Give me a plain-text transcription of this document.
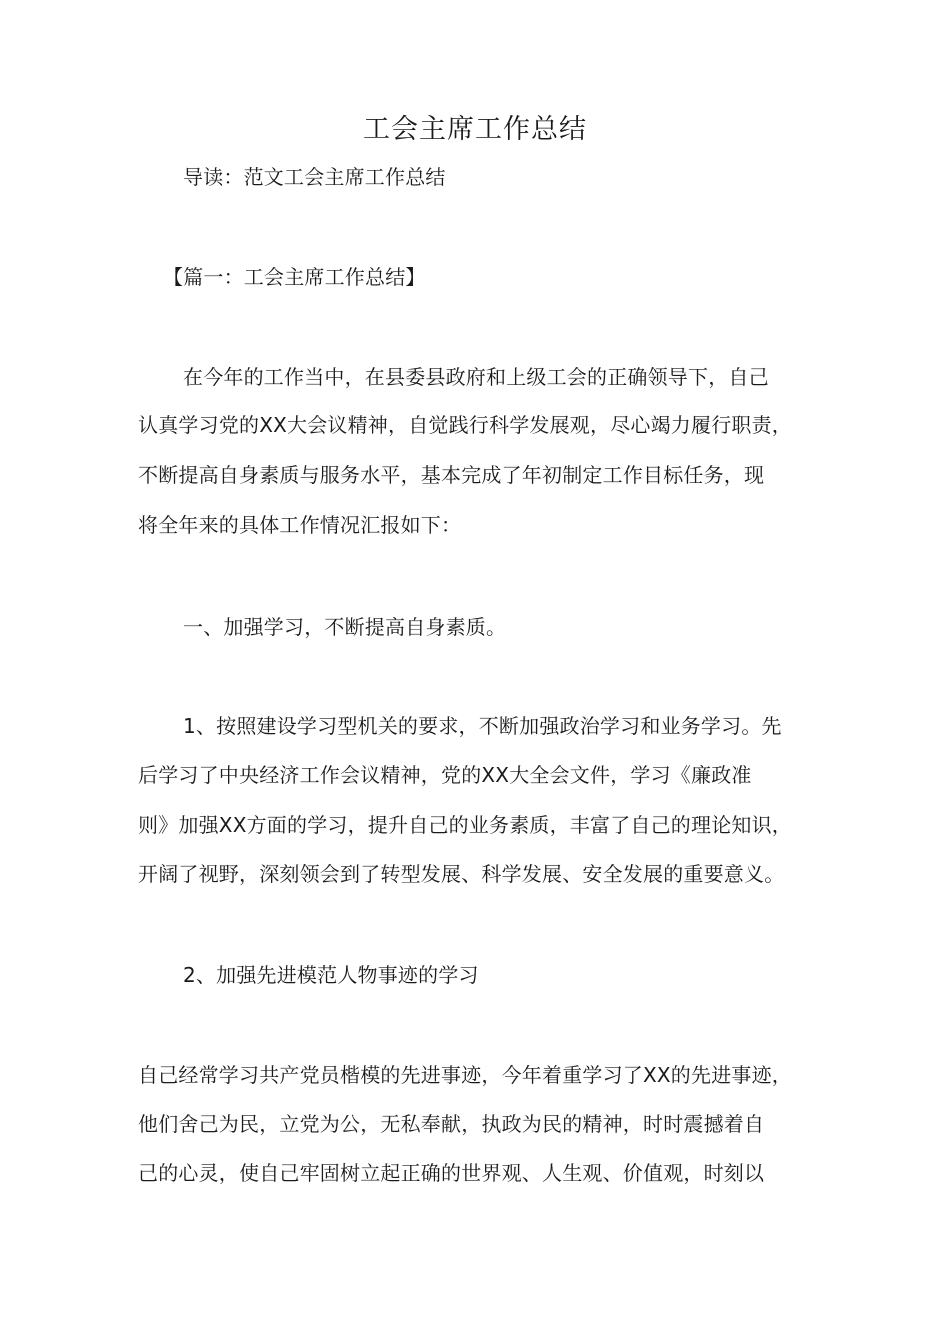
工会主席工作总结
导读：范文工会主席工作总结
【篇一：工会主席工作总结】
在今年的工作当中，在县委县政府和上级工会的正确领导下，自己
认真学习党的XX大会议精神，自觉践行科学发展观，尽心竭力履行职责，
不断提高自身素质与服务水平，基本完成了年初制定工作目标任务，现
将全年来的具体工作情况汇报如下：
一、加强学习，不断提高自身素质。
1、按照建设学习型机关的要求，不断加强政治学习和业务学习。先
后学习了中央经济工作会议精神，党的XX大全会文件，学习《廉政准
则》加强XX方面的学习，提升自己的业务素质，丰富了自己的理论知识，
开阔了视野，深刻领会到了转型发展、科学发展、安全发展的重要意义。
2、加强先进模范人物事迹的学习
自己经常学习共产党员楷模的先进事迹，今年着重学习了XX的先进事迹，
他们舍己为民，立党为公，无私奉献，执政为民的精神，时时震撼着自
己的心灵，使自己牢固树立起正确的世界观、人生观、价值观，时刻以
